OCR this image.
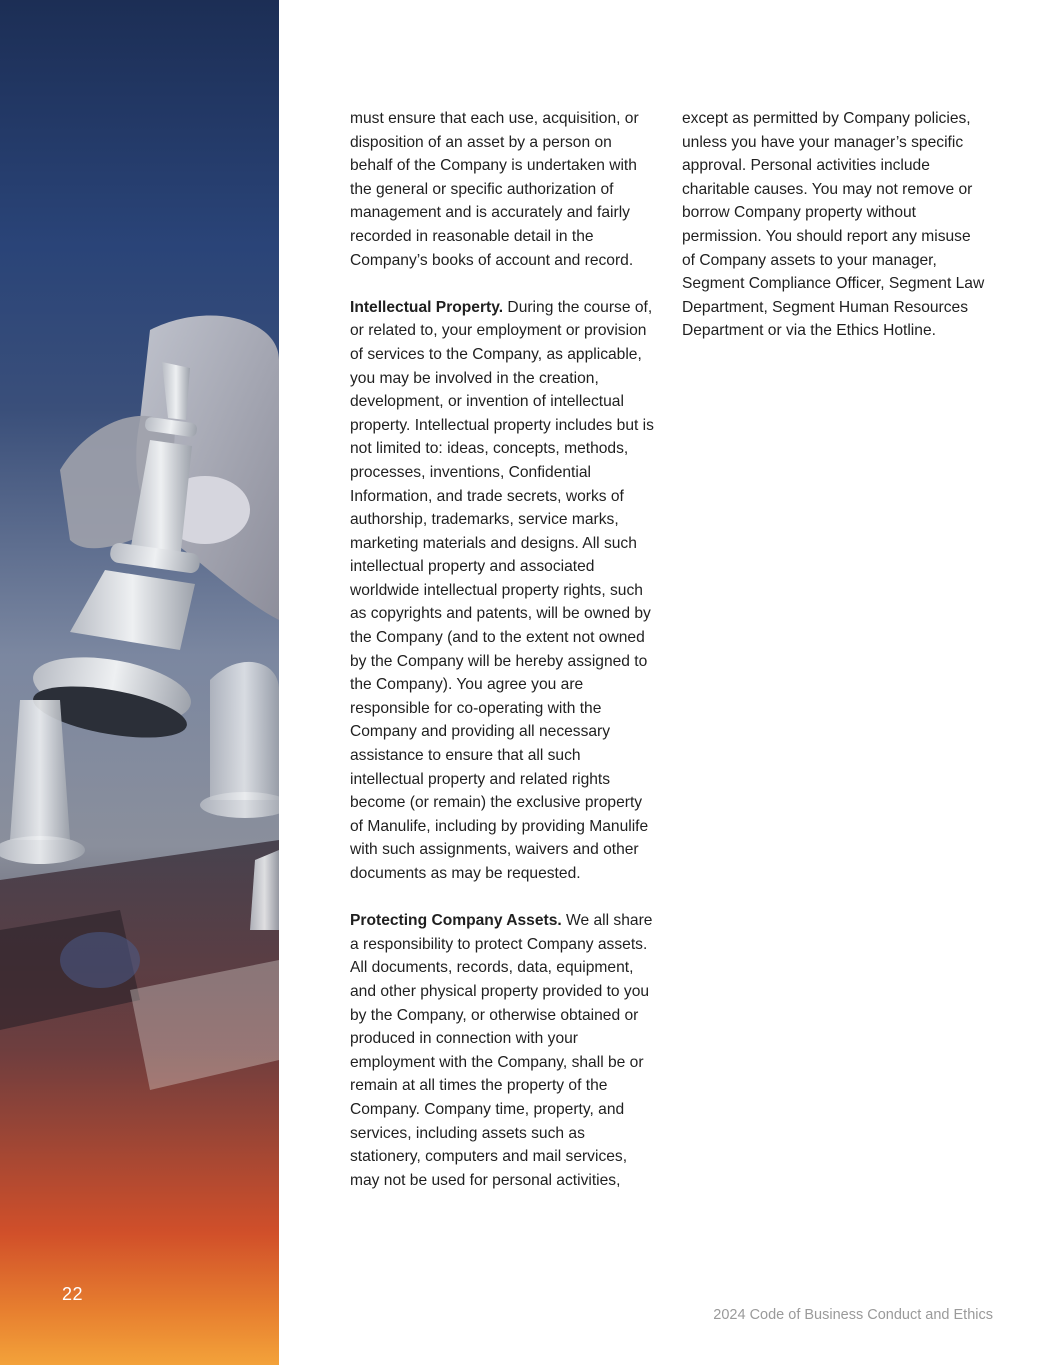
22

must ensure that each use, acquisition, or disposition of an asset by a person on behalf of the Company is undertaken with the general or specific authorization of management and is accurately and fairly recorded in reasonable detail in the Company’s books of account and record.

Intellectual Property. During the course of, or related to, your employment or provision of services to the Company, as applicable, you may be involved in the creation, development, or invention of intellectual property. Intellectual property includes but is not limited to: ideas, concepts, methods, processes, inventions, Confidential Information, and trade secrets, works of authorship, trademarks, service marks, marketing materials and designs. All such intellectual property and associated worldwide intellectual property rights, such as copyrights and patents, will be owned by the Company (and to the extent not owned by the Company will be hereby assigned to the Company). You agree you are responsible for co-operating with the Company and providing all necessary assistance to ensure that all such intellectual property and related rights become (or remain) the exclusive property of Manulife, including by providing Manulife with such assignments, waivers and other documents as may be requested.

Protecting Company Assets. We all share a responsibility to protect Company assets. All documents, records, data, equipment, and other physical property provided to you by the Company, or otherwise obtained or produced in connection with your employment with the Company, shall be or remain at all times the property of the Company. Company time, property, and services, including assets such as stationery, computers and mail services, may not be used for personal activities,

except as permitted by Company policies, unless you have your manager’s specific approval. Personal activities include charitable causes. You may not remove or borrow Company property without permission. You should report any misuse of Company assets to your manager, Segment Compliance Officer, Segment Law Department, Segment Human Resources Department or via the Ethics Hotline.

2024 Code of Business Conduct and Ethics
